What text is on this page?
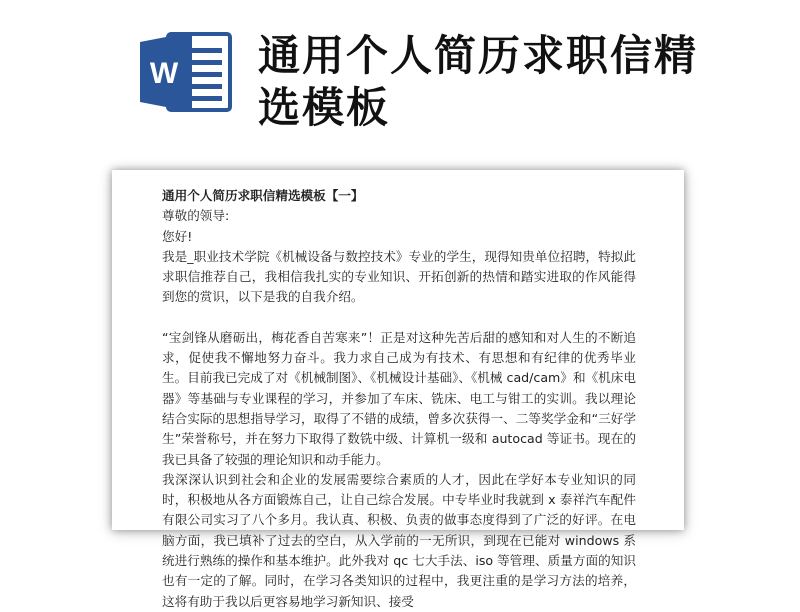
W 通用个人简历求职信精选模板

通用个人简历求职信精选模板【一】

尊敬的领导:

您好!

我是_职业技术学院《机械设备与数控技术》专业的学生，现得知贵单位招聘，特拟此求职信推荐自己，我相信我扎实的专业知识、开拓创新的热情和踏实进取的作风能得到您的赏识，以下是我的自我介绍。

“宝剑锋从磨砺出，梅花香自苦寒来”！正是对这种先苦后甜的感知和对人生的不断追求，促使我不懈地努力奋斗。我力求自己成为有技术、有思想和有纪律的优秀毕业生。目前我已完成了对《机械制图》、《机械设计基础》、《机械 cad/cam》和《机床电器》等基础与专业课程的学习，并参加了车床、铣床、电工与钳工的实训。我以理论结合实际的思想指导学习，取得了不错的成绩，曾多次获得一、二等奖学金和“三好学生”荣誉称号，并在努力下取得了数铣中级、计算机一级和 autocad 等证书。现在的我已具备了较强的理论知识和动手能力。

我深深认识到社会和企业的发展需要综合素质的人才，因此在学好本专业知识的同时，积极地从各方面锻炼自己，让自己综合发展。中专毕业时我就到 x 泰祥汽车配件有限公司实习了八个多月。我认真、积极、负责的做事态度得到了广泛的好评。在电脑方面，我已填补了过去的空白，从入学前的一无所识，到现在已能对 windows 系统进行熟练的操作和基本维护。此外我对 qc 七大手法、iso 等管理、质量方面的知识也有一定的了解。同时，在学习各类知识的过程中，我更注重的是学习方法的培养，这将有助于我以后更容易地学习新知识、接受
